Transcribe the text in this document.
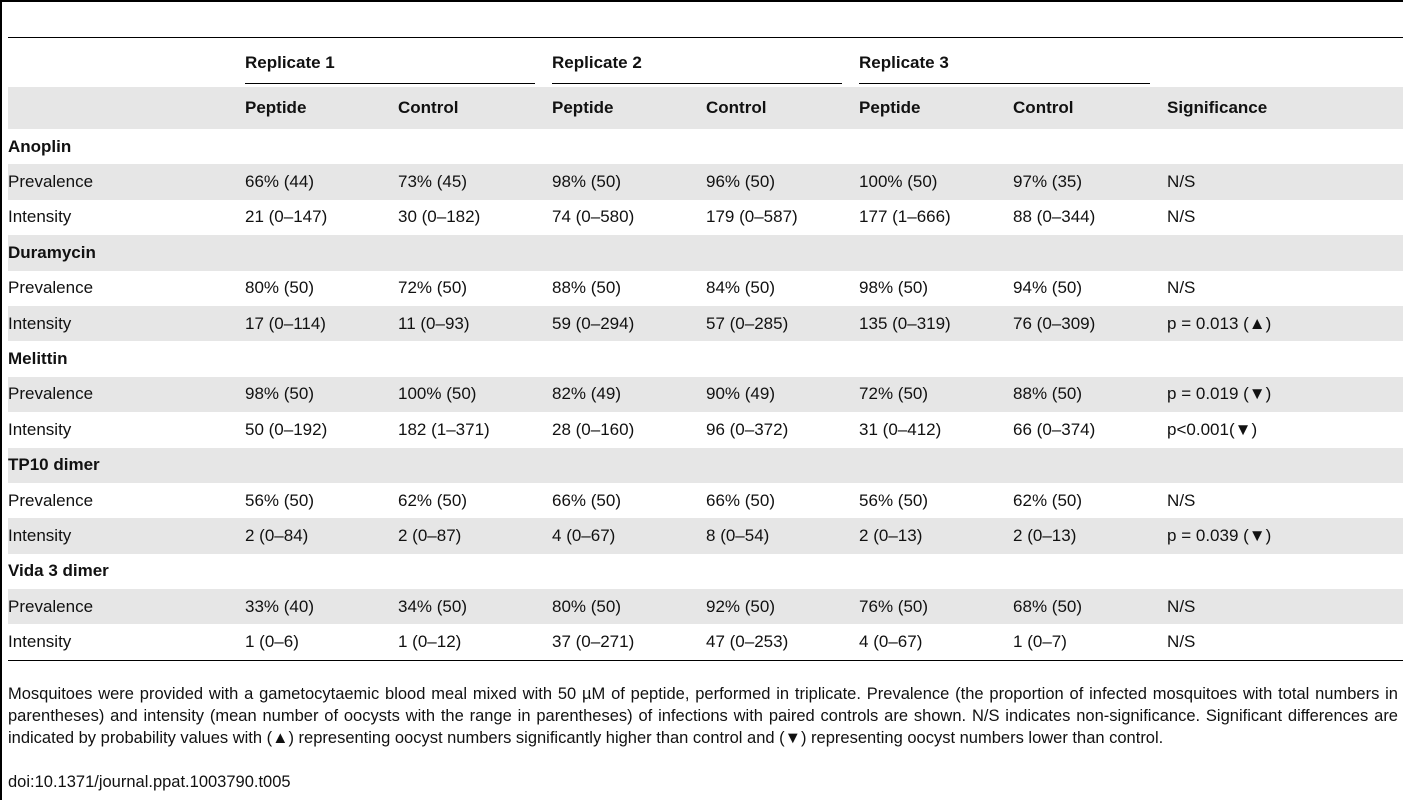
	Replicate 1		Replicate 2		Replicate 3		

	Peptide	Control	Peptide	Control	Peptide	Control	Significance
Anoplin							
Prevalence	66% (44)	73% (45)	98% (50)	96% (50)	100% (50)	97% (35)	N/S
Intensity	21 (0–147)	30 (0–182)	74 (0–580)	179 (0–587)	177 (1–666)	88 (0–344)	N/S
Duramycin							
Prevalence	80% (50)	72% (50)	88% (50)	84% (50)	98% (50)	94% (50)	N/S
Intensity	17 (0–114)	11 (0–93)	59 (0–294)	57 (0–285)	135 (0–319)	76 (0–309)	p = 0.013 (▲)
Melittin							
Prevalence	98% (50)	100% (50)	82% (49)	90% (49)	72% (50)	88% (50)	p = 0.019 (▼)
Intensity	50 (0–192)	182 (1–371)	28 (0–160)	96 (0–372)	31 (0–412)	66 (0–374)	p<0.001(▼)
TP10 dimer							
Prevalence	56% (50)	62% (50)	66% (50)	66% (50)	56% (50)	62% (50)	N/S
Intensity	2 (0–84)	2 (0–87)	4 (0–67)	8 (0–54)	2 (0–13)	2 (0–13)	p = 0.039 (▼)
Vida 3 dimer							
Prevalence	33% (40)	34% (50)	80% (50)	92% (50)	76% (50)	68% (50)	N/S
Intensity	1 (0–6)	1 (0–12)	37 (0–271)	47 (0–253)	4 (0–67)	1 (0–7)	N/S
Mosquitoes were provided with a gametocytaemic blood meal mixed with 50 µM of peptide, performed in triplicate. Prevalence (the proportion of infected mosquitoes with total numbers in parentheses) and intensity (mean number of oocysts with the range in parentheses) of infections with paired controls are shown. N/S indicates non-significance. Significant differences are indicated by probability values with (▲) representing oocyst numbers significantly higher than control and (▼) representing oocyst numbers lower than control.
doi:10.1371/journal.ppat.1003790.t005
